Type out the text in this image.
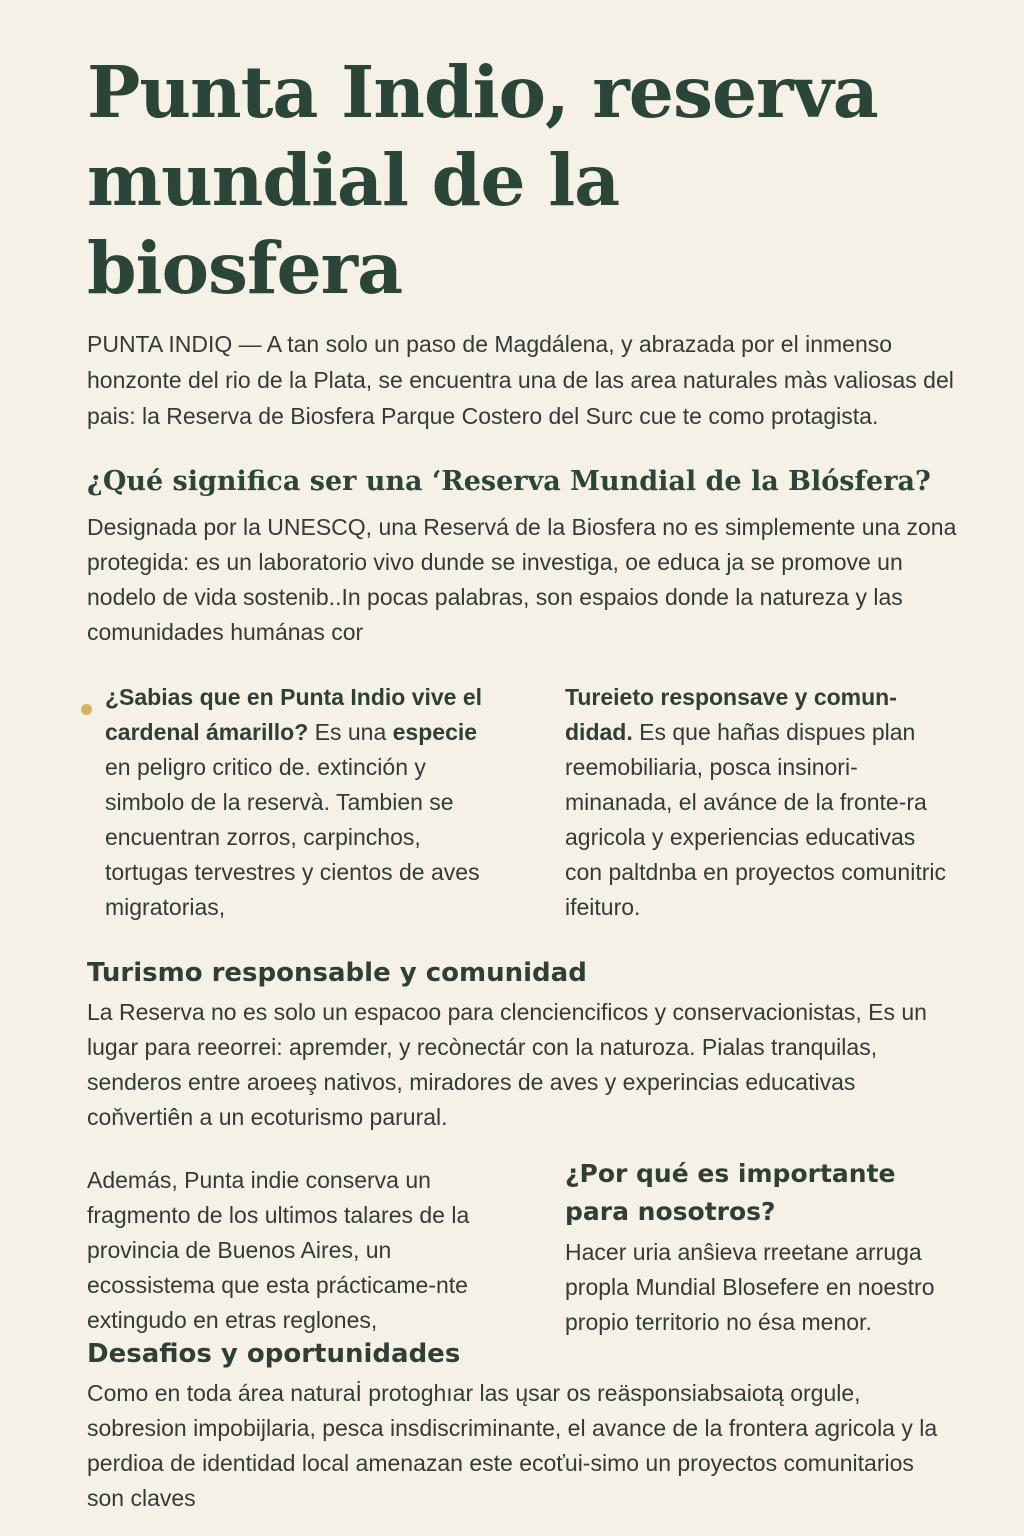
Punta Indio, reserva
mundial de la biosfera

PUNTA INDIQ — A tan solo un paso de Magdálena, y abrazada por el inmenso honzonte del rio de la Plata, se encuentra una de las area naturales màs valiosas del pais: la Reserva de Biosfera Parque Costero del Surc cue te como protagista.

¿Qué significa ser una ‘Reserva Mundial de la Blósfera?

Designada por la UNESCQ, una Reservá de la Biosfera no es simplemente una zona protegida: es un laboratorio vivo dunde se investiga, oe educa ja se promove un nodelo de vida sostenib..In pocas palabras, son espaios donde la natureza y las comunidades humánas cor

¿Sabias que en Punta Indio vive el cardenal ámarillo? Es una especie en peligro critico de. extinción y simbolo de la reservà. Tambien se encuentran zorros, carpinchos, tortugas tervestres y cientos de aves migratorias,
Tureieto responsave y comun-didad. Es que hañas dispues plan reemobiliaria, posca insinori-minanada, el avánce de la fronte-ra agricola y experiencias educativas con paltdnba en proyectos comunitric ifeituro.
Turismo responsable y comunidad

La Reserva no es solo un espacoo para clenciencificos y conservacionistas, Es un lugar para reeorrei: apremder, y recònectár con la naturoza. Pialas tranquilas, senderos entre aroeeş nativos, miradores de aves y experincias educativas coňvertiên a un ecoturismo parural.

Además, Punta indie conserva un fragmento de los ultimos talares de la provincia de Buenos Aires, un ecossistema que esta prácticame-nte extingudo en etras reglones,
¿Por qué es importante para nosotros?
Hacer uria anŝieva rreetane arruga propla Mundial Blosefere en noestro propio territorio no ésa menor.
Desafios y oportunidades

Como en toda área naturaİ protoghıar las ųsar os reäsponsiabsaiotą orgule, sobresion impobijlaria, pesca insdiscriminante, el avance de la frontera agricola y la perdioa de identidad local amenazan este ecoťui-simo un proyectos comunitarios son claves
